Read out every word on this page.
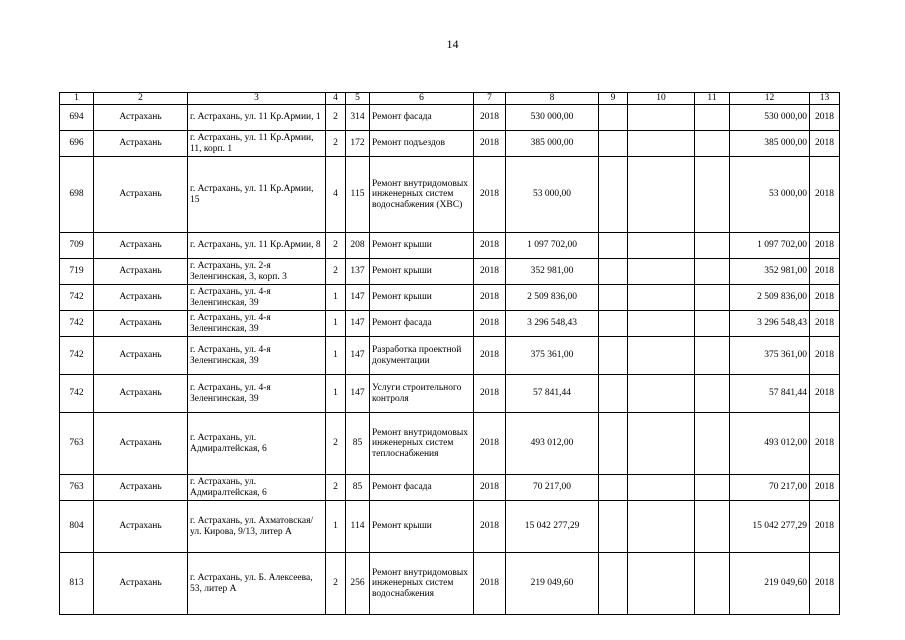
14
1	2	3	4	5	6	7	8	9	10	11	12	13
694	Астрахань	г. Астрахань, ул. 11 Кр.Армии, 1	2	314	Ремонт фасада	2018	530 000,00				530 000,00	2018
696	Астрахань	г. Астрахань, ул. 11 Кр.Армии, 11, корп. 1	2	172	Ремонт подъездов	2018	385 000,00				385 000,00	2018
698	Астрахань	г. Астрахань, ул. 11 Кр.Армии, 15	4	115	Ремонт внутридомовых инженерных систем водоснабжения (ХВС)	2018	53 000,00				53 000,00	2018
709	Астрахань	г. Астрахань, ул. 11 Кр.Армии, 8	2	208	Ремонт крыши	2018	1 097 702,00				1 097 702,00	2018
719	Астрахань	г. Астрахань, ул. 2-я Зеленгинская, 3, корп. 3	2	137	Ремонт крыши	2018	352 981,00				352 981,00	2018
742	Астрахань	г. Астрахань, ул. 4-я Зеленгинская, 39	1	147	Ремонт крыши	2018	2 509 836,00				2 509 836,00	2018
742	Астрахань	г. Астрахань, ул. 4-я Зеленгинская, 39	1	147	Ремонт фасада	2018	3 296 548,43				3 296 548,43	2018
742	Астрахань	г. Астрахань, ул. 4-я Зеленгинская, 39	1	147	Разработка проектной документации	2018	375 361,00				375 361,00	2018
742	Астрахань	г. Астрахань, ул. 4-я Зеленгинская, 39	1	147	Услуги строительного контроля	2018	57 841,44				57 841,44	2018
763	Астрахань	г. Астрахань, ул. Адмиралтейская, 6	2	85	Ремонт внутридомовых инженерных систем теплоснабжения	2018	493 012,00				493 012,00	2018
763	Астрахань	г. Астрахань, ул. Адмиралтейская, 6	2	85	Ремонт фасада	2018	70 217,00				70 217,00	2018
804	Астрахань	г. Астрахань, ул. Ахматовская/ ул. Кирова, 9/13, литер А	1	114	Ремонт крыши	2018	15 042 277,29				15 042 277,29	2018
813	Астрахань	г. Астрахань, ул. Б. Алексеева, 53, литер А	2	256	Ремонт внутридомовых инженерных систем водоснабжения	2018	219 049,60				219 049,60	2018
